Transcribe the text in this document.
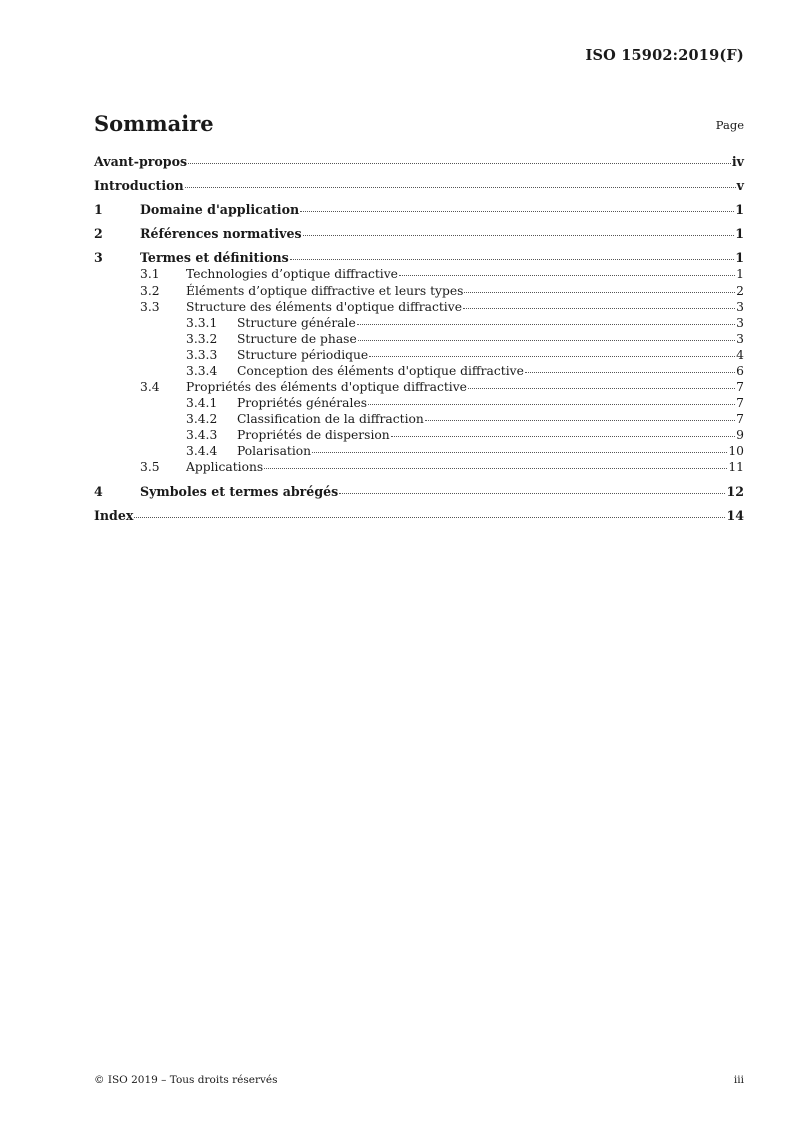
ISO 15902:2019(F)
Sommaire	Page
Avant-propos	iv
Introduction	v
1	Domaine d'application	1
2	Références normatives	1
3	Termes et définitions	1
3.1	Technologies d’optique diffractive	1
3.2	Éléments d’optique diffractive et leurs types	2
3.3	Structure des éléments d'optique diffractive	3
3.3.1	Structure générale	3
3.3.2	Structure de phase	3
3.3.3	Structure périodique	4
3.3.4	Conception des éléments d'optique diffractive	6
3.4	Propriétés des éléments d'optique diffractive	7
3.4.1	Propriétés générales	7
3.4.2	Classification de la diffraction	7
3.4.3	Propriétés de dispersion	9
3.4.4	Polarisation	10
3.5	Applications	11
4	Symboles et termes abrégés	12
Index	14
© ISO 2019 – Tous droits réservés	iii
